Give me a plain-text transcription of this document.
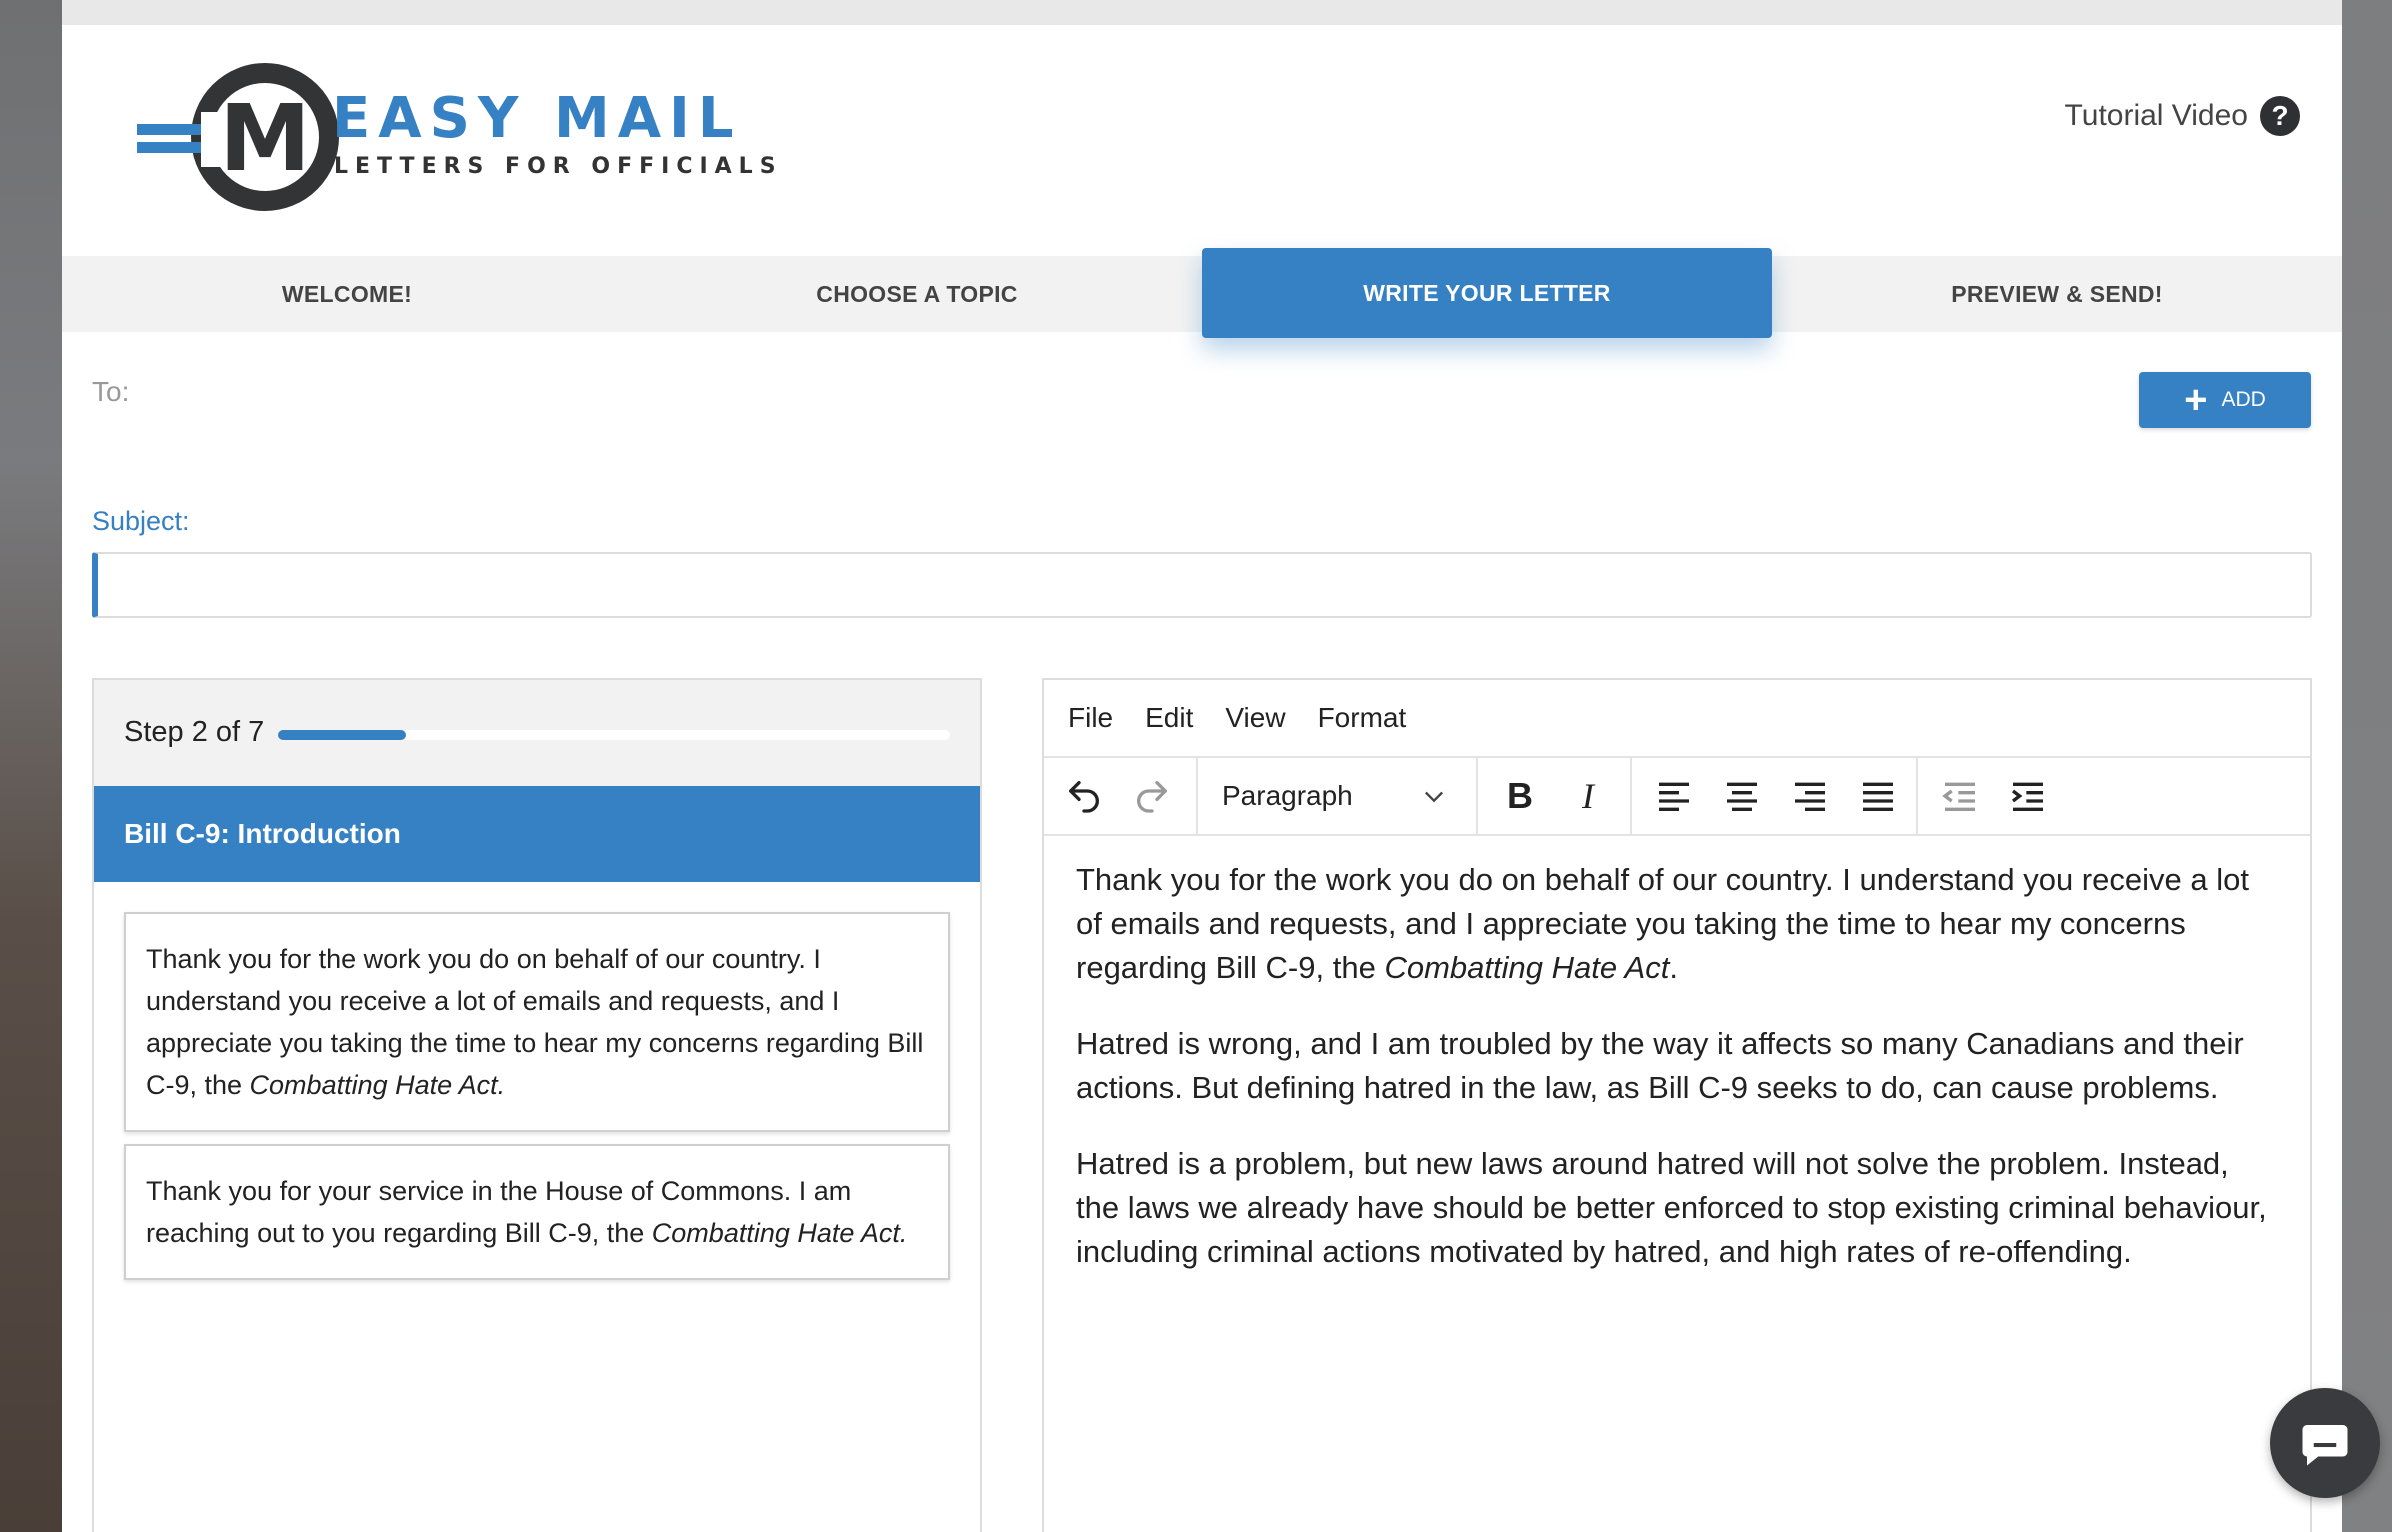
M EASY MAIL
LETTERS FOR OFFICIALS
Tutorial Video ?
WELCOME!	CHOOSE A TOPIC	WRITE YOUR LETTER	PREVIEW & SEND!
To:	+ ADD
Subject:
Step 2 of 7
Bill C-9: Introduction
Thank you for the work you do on behalf of our country. I understand you receive a lot of emails and requests, and I appreciate you taking the time to hear my concerns regarding Bill C-9, the Combatting Hate Act.
Thank you for your service in the House of Commons. I am reaching out to you regarding Bill C-9, the Combatting Hate Act.
File Edit View Format
Paragraph	B I

Thank you for the work you do on behalf of our country. I understand you receive a lot of emails and requests, and I appreciate you taking the time to hear my concerns regarding Bill C-9, the Combatting Hate Act.

Hatred is wrong, and I am troubled by the way it affects so many Canadians and their actions. But defining hatred in the law, as Bill C-9 seeks to do, can cause problems.

Hatred is a problem, but new laws around hatred will not solve the problem. Instead, the laws we already have should be better enforced to stop existing criminal behaviour, including criminal actions motivated by hatred, and high rates of re-offending.
